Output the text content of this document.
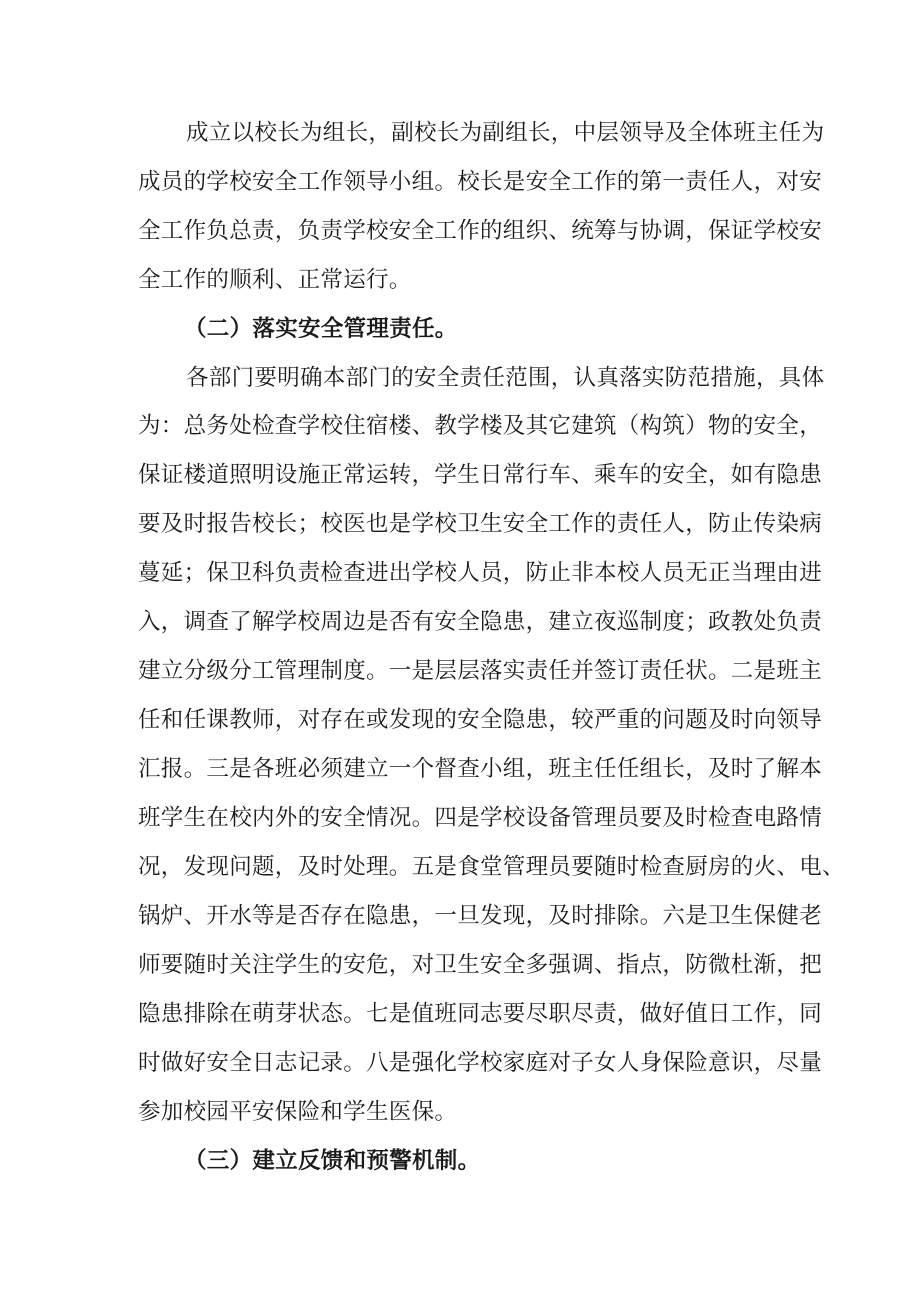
成立以校长为组长，副校长为副组长，中层领导及全体班主任为
成员的学校安全工作领导小组。校长是安全工作的第一责任人，对安
全工作负总责，负责学校安全工作的组织、统筹与协调，保证学校安
全工作的顺利、正常运行。
（二）落实安全管理责任。
各部门要明确本部门的安全责任范围，认真落实防范措施，具体
为：总务处检查学校住宿楼、教学楼及其它建筑（构筑）物的安全，
保证楼道照明设施正常运转，学生日常行车、乘车的安全，如有隐患
要及时报告校长；校医也是学校卫生安全工作的责任人，防止传染病
蔓延；保卫科负责检查进出学校人员，防止非本校人员无正当理由进
入，调查了解学校周边是否有安全隐患，建立夜巡制度；政教处负责
建立分级分工管理制度。一是层层落实责任并签订责任状。二是班主
任和任课教师，对存在或发现的安全隐患，较严重的问题及时向领导
汇报。三是各班必须建立一个督查小组，班主任任组长，及时了解本
班学生在校内外的安全情况。四是学校设备管理员要及时检查电路情
况，发现问题，及时处理。五是食堂管理员要随时检查厨房的火、电、
锅炉、开水等是否存在隐患，一旦发现，及时排除。六是卫生保健老
师要随时关注学生的安危，对卫生安全多强调、指点，防微杜渐，把
隐患排除在萌芽状态。七是值班同志要尽职尽责，做好值日工作，同
时做好安全日志记录。八是强化学校家庭对子女人身保险意识，尽量
参加校园平安保险和学生医保。
（三）建立反馈和预警机制。
